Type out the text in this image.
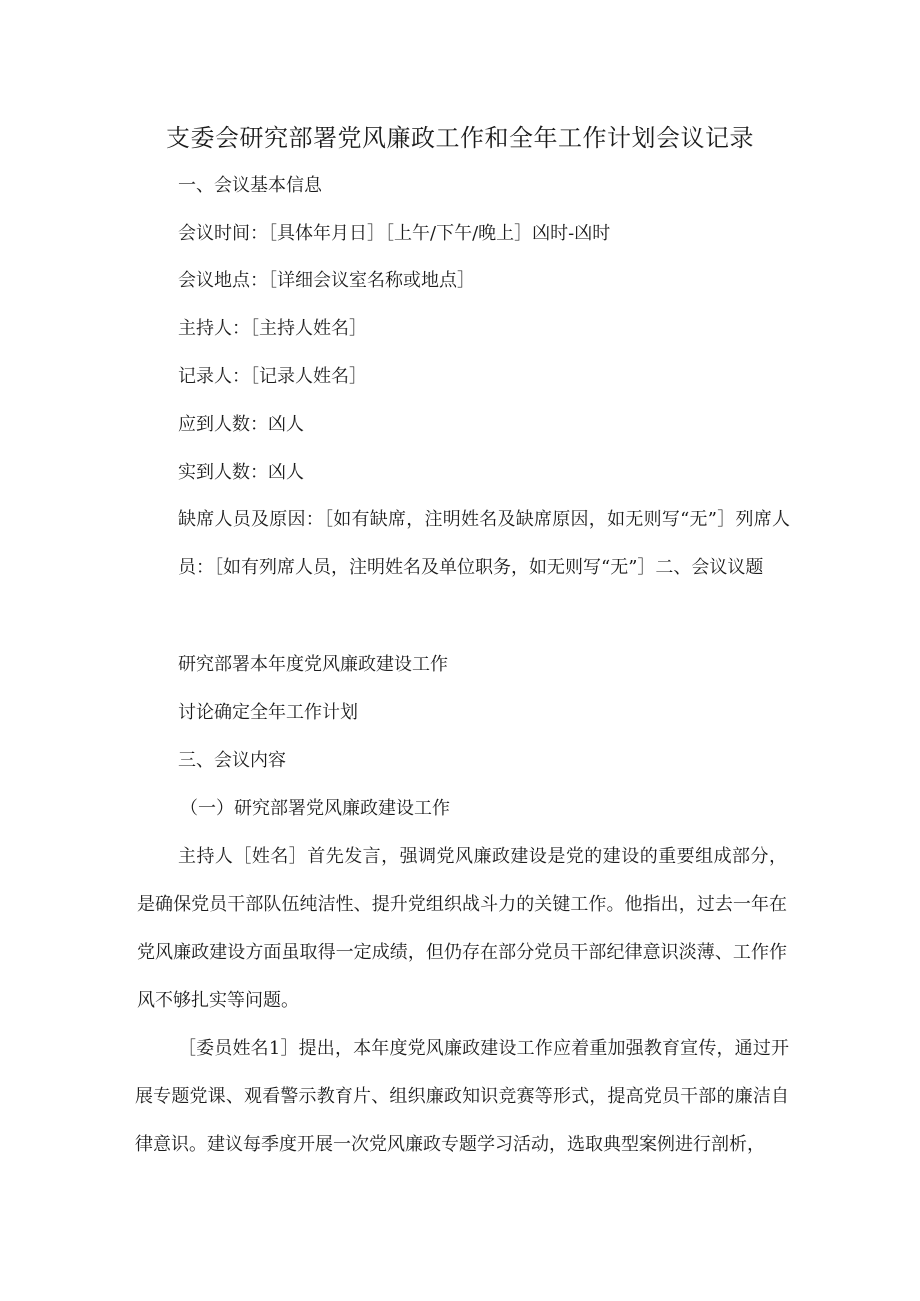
支委会研究部署党风廉政工作和全年工作计划会议记录

一、会议基本信息

会议时间：［具体年月日］［上午/下午/晚上］凶时-凶时

会议地点：［详细会议室名称或地点］

主持人：［主持人姓名］

记录人：［记录人姓名］

应到人数：凶人

实到人数：凶人

缺席人员及原因：［如有缺席，注明姓名及缺席原因，如无则写“无”］列席人员：［如有列席人员，注明姓名及单位职务，如无则写“无”］二、会议议题

研究部署本年度党风廉政建设工作

讨论确定全年工作计划

三、会议内容

（一）研究部署党风廉政建设工作

主持人［姓名］首先发言，强调党风廉政建设是党的建设的重要组成部分，是确保党员干部队伍纯洁性、提升党组织战斗力的关键工作。他指出，过去一年在党风廉政建设方面虽取得一定成绩，但仍存在部分党员干部纪律意识淡薄、工作作风不够扎实等问题。

［委员姓名1］提出，本年度党风廉政建设工作应着重加强教育宣传，通过开展专题党课、观看警示教育片、组织廉政知识竞赛等形式，提高党员干部的廉洁自律意识。建议每季度开展一次党风廉政专题学习活动，选取典型案例进行剖析，
